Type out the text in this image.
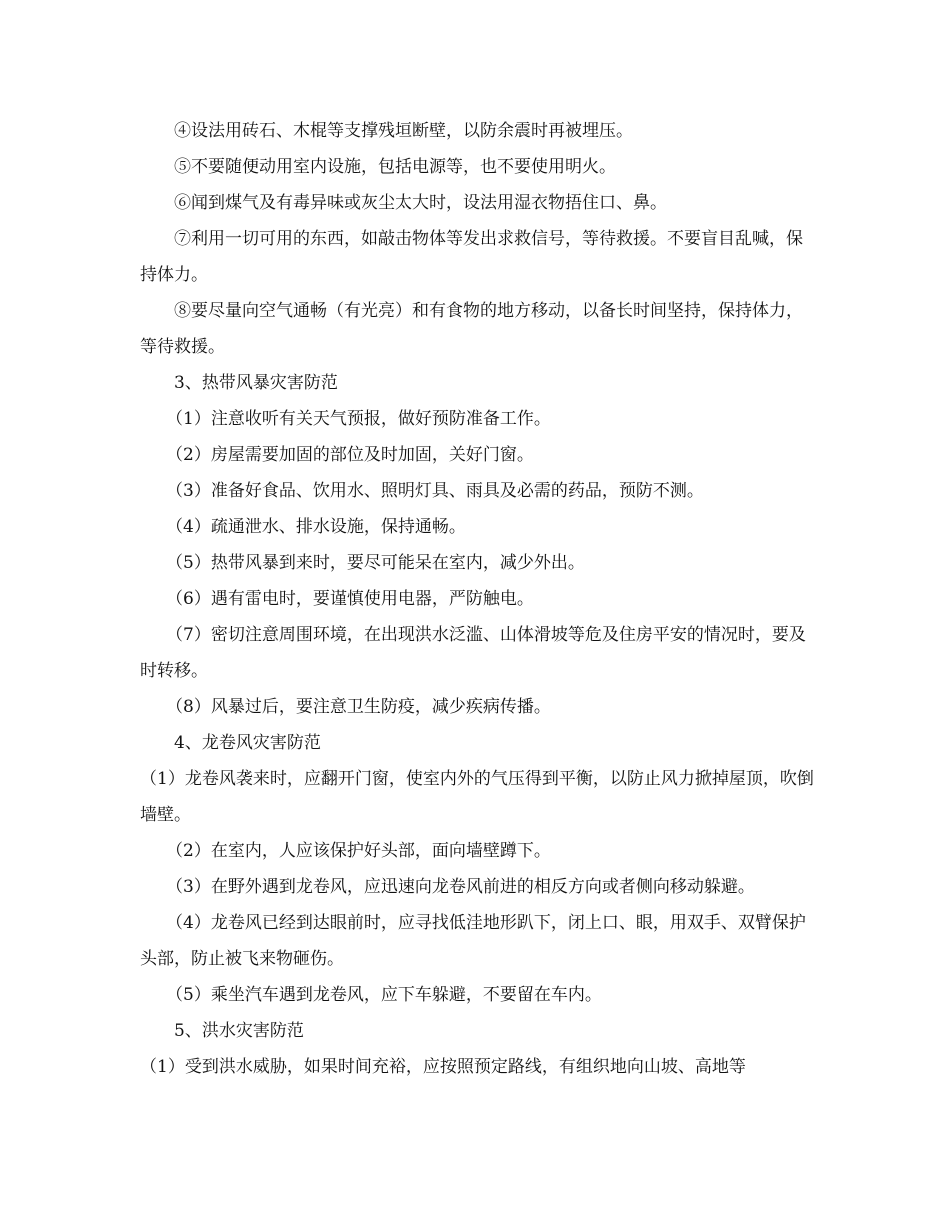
④设法用砖石、木棍等支撑残垣断壁，以防余震时再被埋压。

⑤不要随便动用室内设施，包括电源等，也不要使用明火。

⑥闻到煤气及有毒异味或灰尘太大时，设法用湿衣物捂住口、鼻。

⑦利用一切可用的东西，如敲击物体等发出求救信号，等待救援。不要盲目乱喊，保持体力。

⑧要尽量向空气通畅（有光亮）和有食物的地方移动，以备长时间坚持，保持体力，等待救援。

3、热带风暴灾害防范

（1）注意收听有关天气预报，做好预防准备工作。

（2）房屋需要加固的部位及时加固，关好门窗。

（3）准备好食品、饮用水、照明灯具、雨具及必需的药品，预防不测。

（4）疏通泄水、排水设施，保持通畅。

（5）热带风暴到来时，要尽可能呆在室内，减少外出。

（6）遇有雷电时，要谨慎使用电器，严防触电。

（7）密切注意周围环境，在出现洪水泛滥、山体滑坡等危及住房平安的情况时，要及时转移。

（8）风暴过后，要注意卫生防疫，减少疾病传播。

4、龙卷风灾害防范

（1）龙卷风袭来时，应翻开门窗，使室内外的气压得到平衡，以防止风力掀掉屋顶，吹倒墙壁。

（2）在室内，人应该保护好头部，面向墙壁蹲下。

（3）在野外遇到龙卷风，应迅速向龙卷风前进的相反方向或者侧向移动躲避。

（4）龙卷风已经到达眼前时，应寻找低洼地形趴下，闭上口、眼，用双手、双臂保护头部，防止被飞来物砸伤。

（5）乘坐汽车遇到龙卷风，应下车躲避，不要留在车内。

5、洪水灾害防范

（1）受到洪水威胁，如果时间充裕，应按照预定路线，有组织地向山坡、高地等
